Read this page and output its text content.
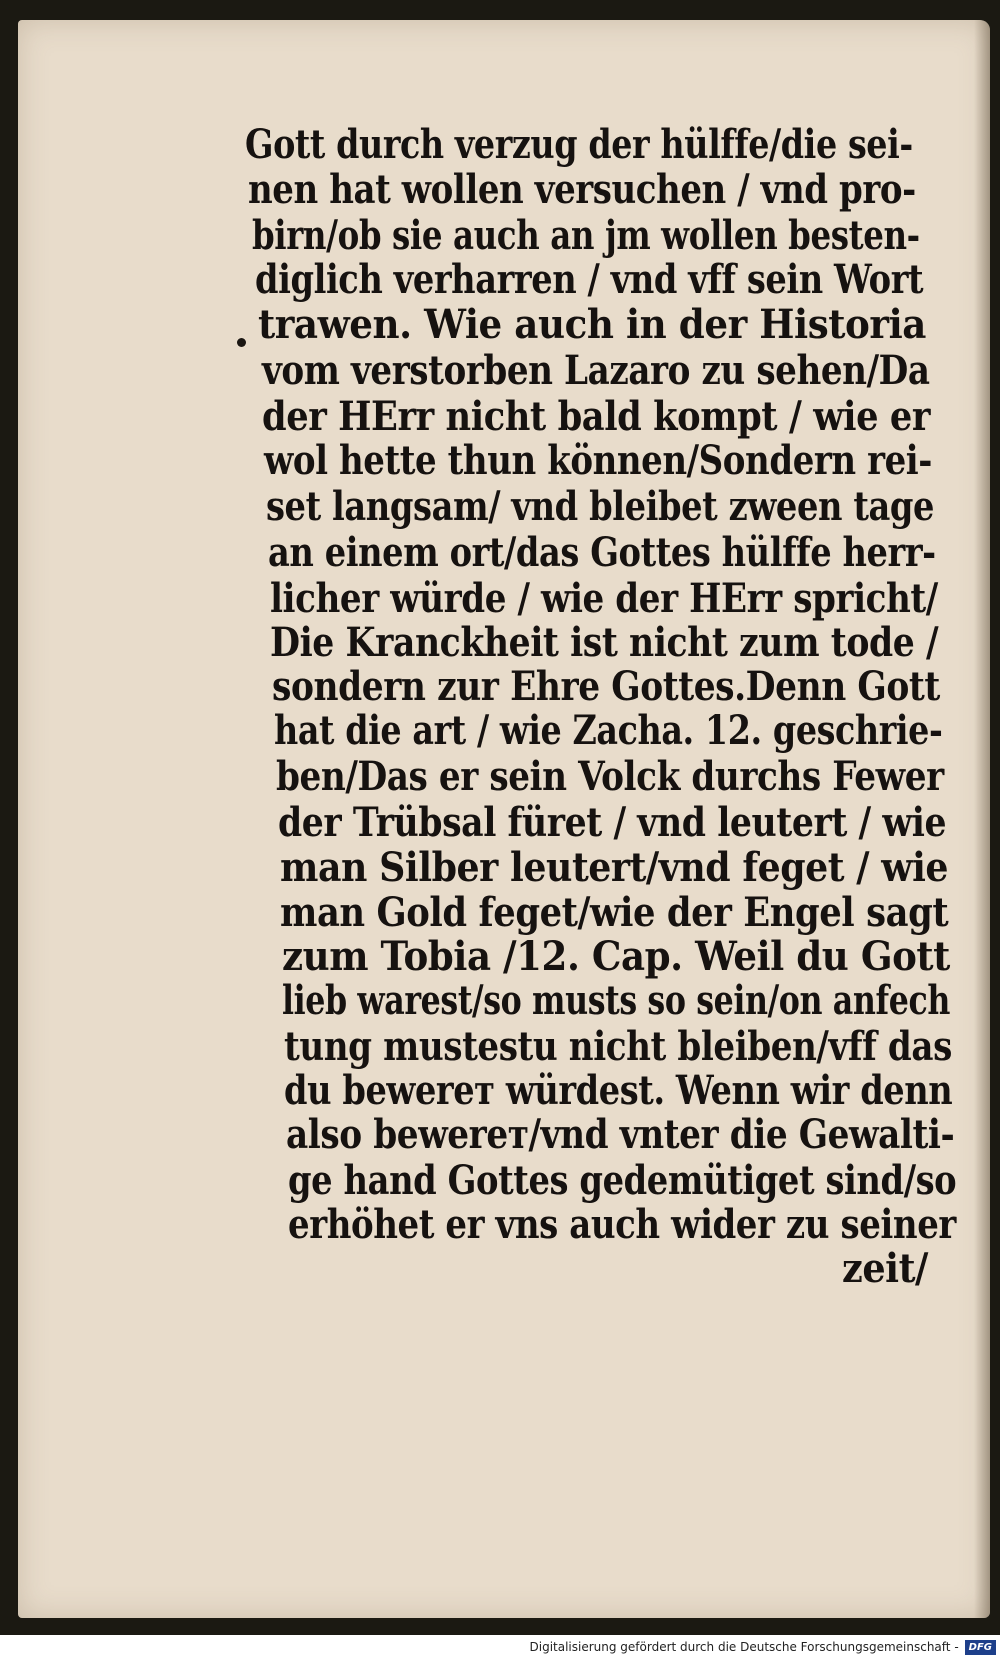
Gott durch verzug der hülffe/die sei-
nen hat wollen versuchen / vnd pro-
birn/ob sie auch an jm wollen besten-
diglich verharren / vnd vff sein Wort
trawen. Wie auch in der Historia
vom verstorben Lazaro zu sehen/Da
der HErr nicht bald kompt / wie er
wol hette thun können/Sondern rei-
set langsam/ vnd bleibet zween tage
an einem ort/das Gottes hülffe herr-
licher würde / wie der HErr spricht/
Die Kranckheit ist nicht zum tode /
sondern zur Ehre Gottes.Denn Gott
hat die art / wie Zacha. 12. geschrie-
ben/Das er sein Volck durchs Fewer
der Trübsal füret / vnd leutert / wie
man Silber leutert/vnd feget / wie
man Gold feget/wie der Engel sagt
zum Tobia /12. Cap. Weil du Gott
lieb warest/so musts so sein/on anfech
tung mustestu nicht bleiben/vff das
du bewerет würdest. Wenn wir denn
also bewerет/vnd vnter die Gewalti-
ge hand Gottes gedemütiget sind/so
erhöhet er vns auch wider zu seiner
zeit/
Digitalisierung gefördert durch die Deutsche Forschungsgemeinschaft -	DFG
